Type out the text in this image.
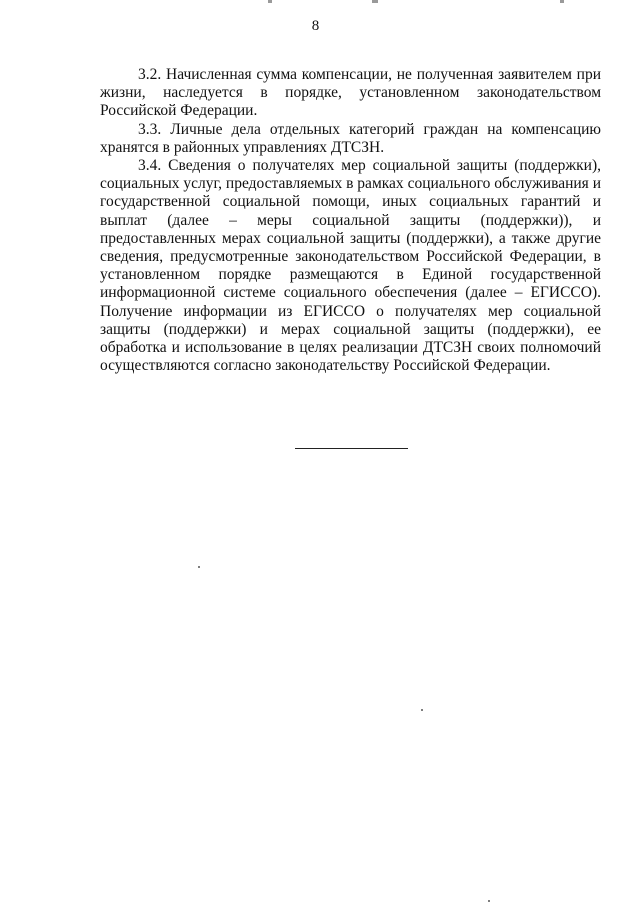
8

3.2. Начисленная сумма компенсации, не полученная заявителем при жизни, наследуется в порядке, установленном законодательством Российской Федерации.

3.3. Личные дела отдельных категорий граждан на компенсацию хранятся в районных управлениях ДТСЗН.

3.4. Сведения о получателях мер социальной защиты (поддержки), социальных услуг, предоставляемых в рамках социального обслуживания и государственной социальной помощи, иных социальных гарантий и выплат (далее – меры социальной защиты (поддержки)), и предоставленных мерах социальной защиты (поддержки), а также другие сведения, предусмотренные законодательством Российской Федерации, в установленном порядке размещаются в Единой государственной информационной системе социального обеспечения (далее – ЕГИССО). Получение информации из ЕГИССО о получателях мер социальной защиты (поддержки) и мерах социальной защиты (поддержки), ее обработка и использование в целях реализации ДТСЗН своих полномочий осуществляются согласно законодательству Российской Федерации.
